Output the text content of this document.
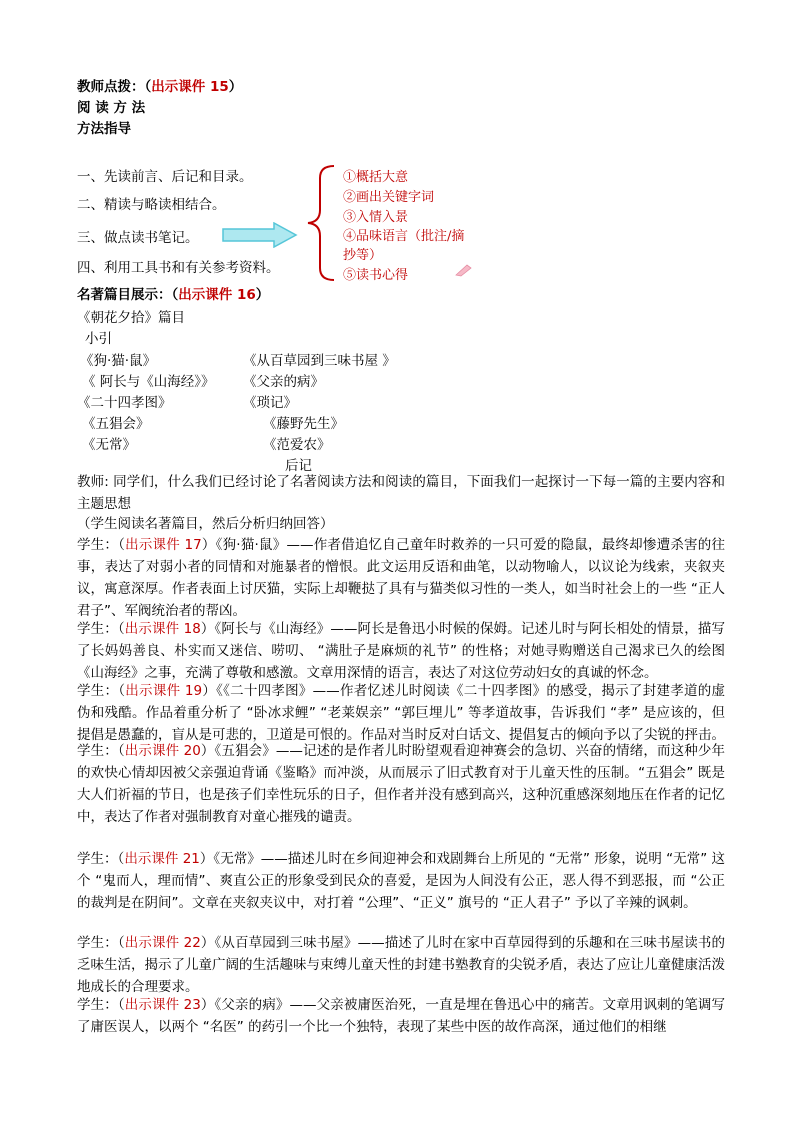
教师点拨：（出示课件 15）
阅 读 方 法
方法指导
一、先读前言、后记和目录。
二、精读与略读相结合。
三、做点读书笔记。
四、利用工具书和有关参考资料。
①概括大意
②画出关键字词
③入情入景
④品味语言（批注/摘
抄等）
⑤读书心得
名著篇目展示：（出示课件 16）
《朝花夕拾》篇目
小引
《狗·猫·鼠》	《从百草园到三味书屋 》
《 阿长与《山海经》》 《父亲的病》
《二十四孝图》	《琐记》
《五猖会》	《藤野先生》
《无常》	《范爱农》
后记
教师: 同学们，什么我们已经讨论了名著阅读方法和阅读的篇目，下面我们一起探讨一下每一篇的主要内容和主题思想
（学生阅读名著篇目，然后分析归纳回答）
学生：（出示课件 17）《狗·猫·鼠》——作者借追忆自己童年时救养的一只可爱的隐鼠，最终却惨遭杀害的往事，表达了对弱小者的同情和对施暴者的憎恨。此文运用反语和曲笔，以动物喻人，以议论为线索，夹叙夹议，寓意深厚。作者表面上讨厌猫，实际上却鞭挞了具有与猫类似习性的一类人，如当时社会上的一些 “正人君子”、军阀统治者的帮凶。
学生：（出示课件 18）《阿长与《山海经》——阿长是鲁迅小时候的保姆。记述儿时与阿长相处的情景，描写了长妈妈善良、朴实而又迷信、唠叨、 “满肚子是麻烦的礼节” 的性格；对她寻购赠送自己渴求已久的绘图《山海经》之事，充满了尊敬和感激。文章用深情的语言，表达了对这位劳动妇女的真诚的怀念。
学生：（出示课件 19）《《二十四孝图》——作者忆述儿时阅读《二十四孝图》的感受，揭示了封建孝道的虚伪和残酷。作品着重分析了 “卧冰求鲤” “老莱娱亲” “郭巨埋儿” 等孝道故事，告诉我们 “孝” 是应该的，但提倡是愚蠢的，盲从是可悲的，卫道是可恨的。作品对当时反对白话文、提倡复古的倾向予以了尖锐的抨击。
学生：（出示课件 20）《五猖会》——记述的是作者儿时盼望观看迎神赛会的急切、兴奋的情绪，而这种少年的欢快心情却因被父亲强迫背诵《鉴略》而冲淡，从而展示了旧式教育对于儿童天性的压制。“五猖会” 既是大人们祈福的节日，也是孩子们幸性玩乐的日子，但作者并没有感到高兴，这种沉重感深刻地压在作者的记忆中，表达了作者对强制教育对童心摧残的谴责。
学生：（出示课件 21）《无常》——描述儿时在乡间迎神会和戏剧舞台上所见的 “无常” 形象，说明 “无常” 这个 “鬼而人，理而情”、爽直公正的形象受到民众的喜爱，是因为人间没有公正，恶人得不到恶报，而 “公正的裁判是在阴间”。文章在夹叙夹议中，对打着 “公理”、“正义” 旗号的 “正人君子” 予以了辛辣的讽刺。
学生：（出示课件 22）《从百草园到三味书屋》——描述了儿时在家中百草园得到的乐趣和在三味书屋读书的乏味生活，揭示了儿童广阔的生活趣味与束缚儿童天性的封建书塾教育的尖锐矛盾，表达了应让儿童健康活泼地成长的合理要求。
学生：（出示课件 23）《父亲的病》——父亲被庸医治死，一直是埋在鲁迅心中的痛苦。文章用讽刺的笔调写了庸医误人，以两个 “名医” 的药引一个比一个独特，表现了某些中医的故作高深，通过他们的相继
